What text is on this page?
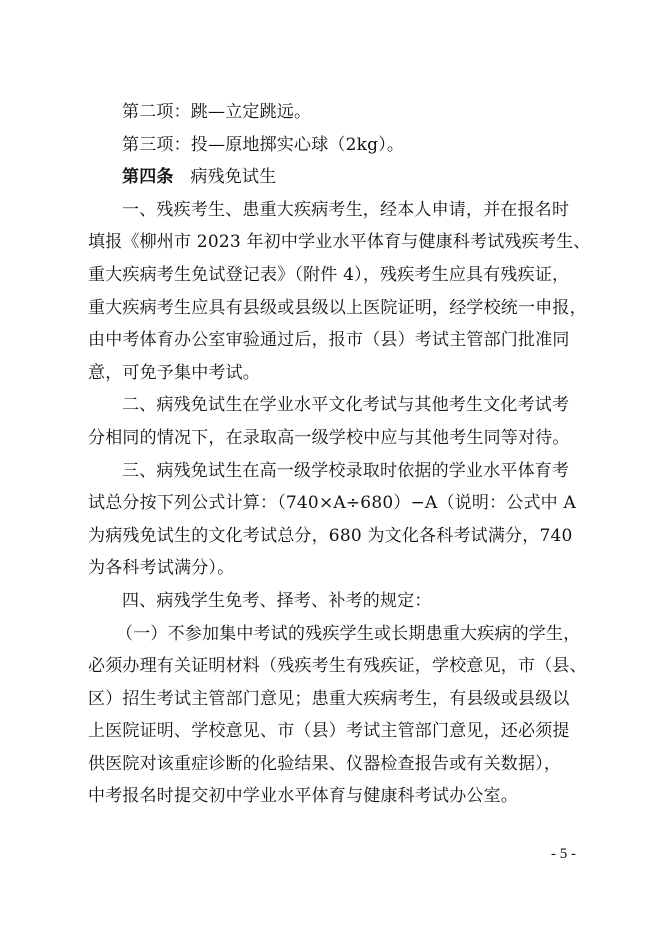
第二项：跳—立定跳远。
第三项：投—原地掷实心球（2kg）。
第四条 病残免试生
一、残疾考生、患重大疾病考生，经本人申请，并在报名时
填报《柳州市 2023 年初中学业水平体育与健康科考试残疾考生、
重大疾病考生免试登记表》（附件 4），残疾考生应具有残疾证，
重大疾病考生应具有县级或县级以上医院证明，经学校统一申报，
由中考体育办公室审验通过后，报市（县）考试主管部门批准同
意，可免予集中考试。
二、病残免试生在学业水平文化考试与其他考生文化考试考
分相同的情况下，在录取高一级学校中应与其他考生同等对待。
三、病残免试生在高一级学校录取时依据的学业水平体育考
试总分按下列公式计算：（740×A÷680）−A（说明：公式中 A
为病残免试生的文化考试总分，680 为文化各科考试满分，740
为各科考试满分）。
四、病残学生免考、择考、补考的规定：
（一）不参加集中考试的残疾学生或长期患重大疾病的学生，
必须办理有关证明材料（残疾考生有残疾证，学校意见，市（县、
区）招生考试主管部门意见；患重大疾病考生，有县级或县级以
上医院证明、学校意见、市（县）考试主管部门意见，还必须提
供医院对该重症诊断的化验结果、仪器检查报告或有关数据），
中考报名时提交初中学业水平体育与健康科考试办公室。
- 5 -
